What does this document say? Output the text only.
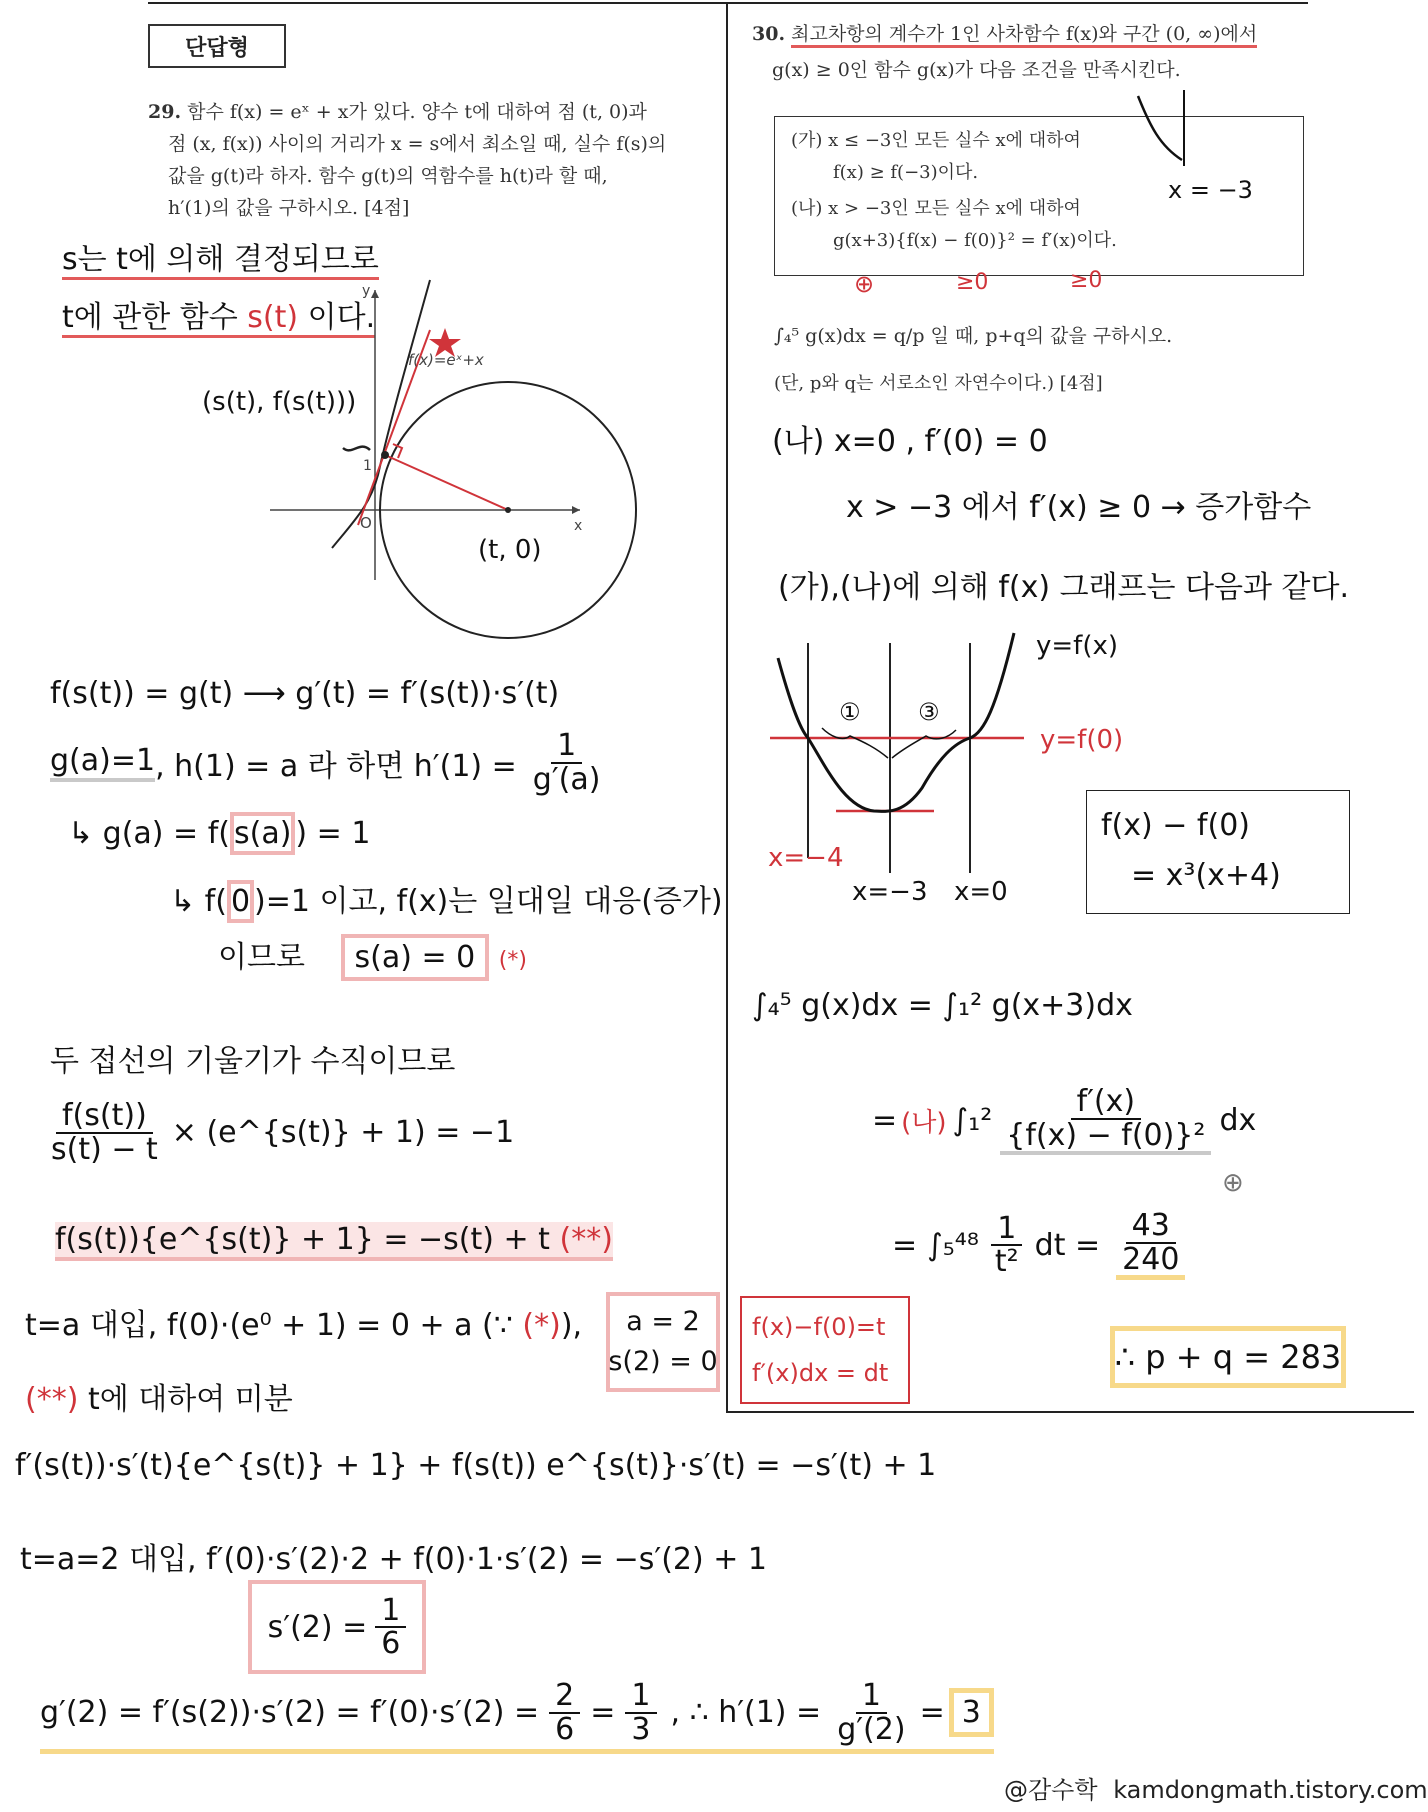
단답형
29. 함수 f(x) = eˣ + x가 있다. 양수 t에 대하여 점 (t, 0)과
점 (x, f(x)) 사이의 거리가 x = s에서 최소일 때, 실수 f(s)의
값을 g(t)라 하자. 함수 g(t)의 역함수를 h(t)라 할 때,
h′(1)의 값을 구하시오. [4점]
s는 t에 의해 결정되므로
t에 관한 함수 s(t) 이다.
y
x
O
1
f(x)=eˣ+x
(s(t), f(s(t)))
(t, 0)
f(s(t)) = g(t) ⟶ g′(t) = f′(s(t))·s′(t)
g(a)=1 , h(1) = a 라 하면 $h'(1) = \frac{1}{g'(a)}$
↳ g(a) = f( s(a) ) = 1
↳ f( 0 )=1 이고, f(x)는 일대일 대응(증가)
이므로 s(a) = 0 (*)
두 접선의 기울기가 수직이므로
$\frac{f(s(t))}{s(t) - t}$ × (e^{s(t)} + 1) = −1
f(s(t)){e^{s(t)} + 1} = −s(t) + t (**)
t=a 대입, f(0)·(e⁰ + 1) = 0 + a (∵ (*)), a = 2
s(2) = 0
(**) t에 대하여 미분
f′(s(t))·s′(t){e^{s(t)} + 1} + f(s(t)) e^{s(t)}·s′(t) = −s′(t) + 1
t=a=2 대입, f′(0)·s′(2)·2 + f(0)·1·s′(2) = −s′(2) + 1
$s'(2) = \frac{1}{6}$
$g'(2) = f'(s(2))\cdot s'(2) = f'(0)\cdot s'(2) = \frac{2}{6} = \frac{1}{3}$ , ∴ $h'(1) = \frac{1}{g'(2)} = 3$
30. 최고차항의 계수가 1인 사차함수 f(x)와 구간 (0, ∞)에서
g(x) ≥ 0인 함수 g(x)가 다음 조건을 만족시킨다.
(가) x ≤ −3인 모든 실수 x에 대하여
f(x) ≥ f(−3)이다.
(나) x > −3인 모든 실수 x에 대하여
g(x+3){f(x) − f(0)}² = f′(x)이다.
x = −3
⊕	≥0	≥0
∫₄⁵ g(x)dx = q/p 일 때, p+q의 값을 구하시오.
(단, p와 q는 서로소인 자연수이다.) [4점]
(나) x=0 , f′(0) = 0
x > −3 에서 f′(x) ≥ 0 → 증가함수
(가),(나)에 의해 f(x) 그래프는 다음과 같다.
① ③
y=f(x)
y=f(0)
x=−4
x=−3 x=0
f(x) − f(0)
= x³(x+4)
∫₄⁵ g(x)dx = ∫₁² g(x+3)dx
= (나) $\int_1^2 \frac{f'(x)}{\text{\{f(x) − f(0)\}²}}$ dx
⊕
= $\int_5^{48} \frac{1}{\text{t²}}$ dt = $\frac{43}{240}$
f(x)−f(0)=t
f′(x)dx = dt	∴ p + q = 283
@감수학 kamdongmath.tistory.com
